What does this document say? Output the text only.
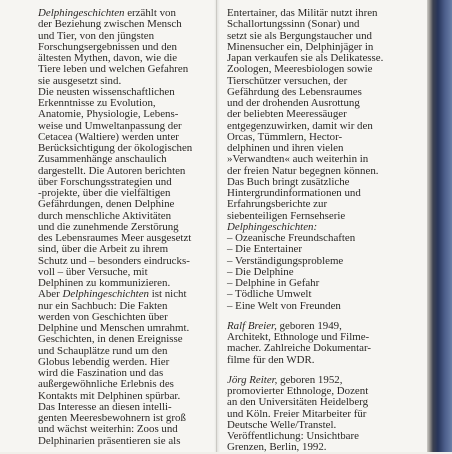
Delphingeschichten erzählt von
der Beziehung zwischen Mensch
und Tier, von den jüngsten
Forschungsergebnissen und den
ältesten Mythen, davon, wie die
Tiere leben und welchen Gefahren
sie ausgesetzt sind.
Die neusten wissenschaftlichen
Erkenntnisse zu Evolution,
Anatomie, Physiologie, Lebens-
weise und Umweltanpassung der
Cetacea (Waltiere) werden unter
Berücksichtigung der ökologischen
Zusammenhänge anschaulich
dargestellt. Die Autoren berichten
über Forschungsstrategien und
-projekte, über die vielfältigen
Gefährdungen, denen Delphine
durch menschliche Aktivitäten
und die zunehmende Zerstörung
des Lebensraumes Meer ausgesetzt
sind, über die Arbeit zu ihrem
Schutz und – besonders eindrucks-
voll – über Versuche, mit
Delphinen zu kommunizieren.
Aber Delphingeschichten ist nicht
nur ein Sachbuch: Die Fakten
werden von Geschichten über
Delphine und Menschen umrahmt.
Geschichten, in denen Ereignisse
und Schauplätze rund um den
Globus lebendig werden. Hier
wird die Faszination und das
außergewöhnliche Erlebnis des
Kontakts mit Delphinen spürbar.
Das Interesse an diesen intelli-
genten Meeresbewohnern ist groß
und wächst weiterhin: Zoos und
Delphinarien präsentieren sie als
Entertainer, das Militär nutzt ihren
Schallortungssinn (Sonar) und
setzt sie als Bergungstaucher und
Minensucher ein, Delphinjäger in
Japan verkaufen sie als Delikatesse.
Zoologen, Meeresbiologen sowie
Tierschützer versuchen, der
Gefährdung des Lebensraumes
und der drohenden Ausrottung
der beliebten Meeressäuger
entgegenzuwirken, damit wir den
Orcas, Tümmlern, Hector-
delphinen und ihren vielen
»Verwandten« auch weiterhin in
der freien Natur begegnen können.
Das Buch bringt zusätzliche
Hintergrundinformationen und
Erfahrungsberichte zur
siebenteiligen Fernsehserie
Delphingeschichten:
– Ozeanische Freundschaften
– Die Entertainer
– Verständigungsprobleme
– Die Delphine
– Delphine in Gefahr
– Tödliche Umwelt
– Eine Welt von Freunden
Ralf Breier, geboren 1949,
Architekt, Ethnologe und Filme-
macher. Zahlreiche Dokumentar-
filme für den WDR.
Jörg Reiter, geboren 1952,
promovierter Ethnologe, Dozent
an den Universitäten Heidelberg
und Köln. Freier Mitarbeiter für
Deutsche Welle/Transtel.
Veröffentlichung: Unsichtbare
Grenzen, Berlin, 1992.
